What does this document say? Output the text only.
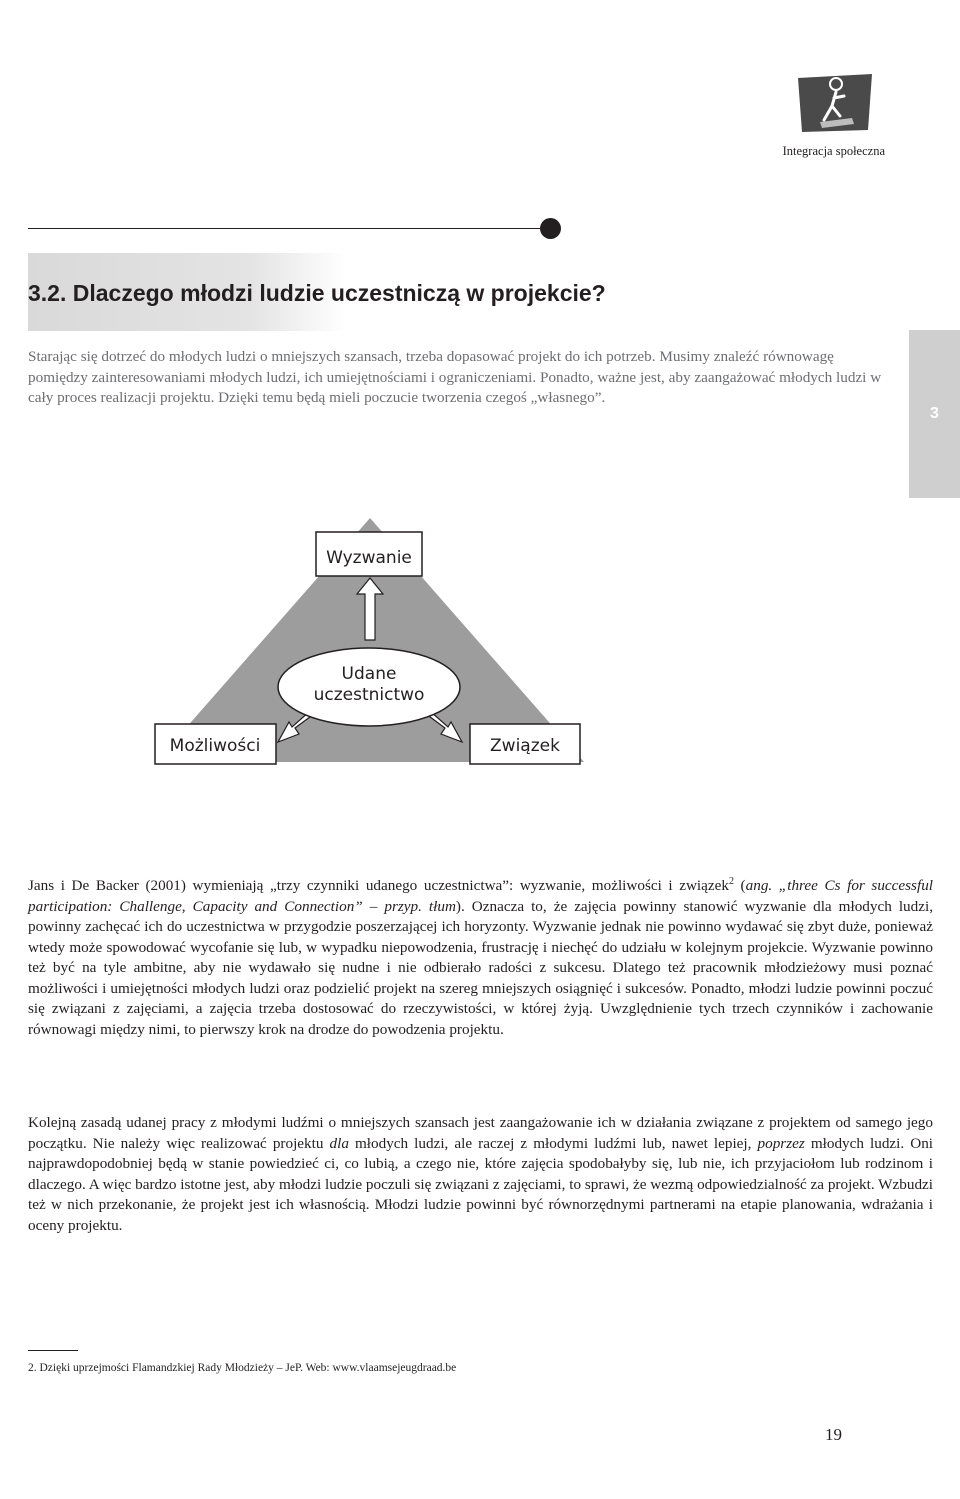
Integracja społeczna
3.2. Dlaczego młodzi ludzie uczestniczą w projekcie?
3

Starając się dotrzeć do młodych ludzi o mniejszych szansach, trzeba dopasować projekt do ich potrzeb. Musimy znaleźć równowagę pomiędzy zainteresowaniami młodych ludzi, ich umiejętnościami i ograniczeniami. Ponadto, ważne jest, aby zaangażować młodych ludzi w cały proces realizacji projektu. Dzięki temu będą mieli poczucie tworzenia czegoś „własnego”.

Wyzwanie
Udane
uczestnictwo
Możliwości	Związek

Jans i De Backer (2001) wymieniają „trzy czynniki udanego uczestnictwa”: wyzwanie, możliwości i związek$^2$ (ang. „three Cs for successful participation: Challenge, Capacity and Connection” – przyp. tłum). Oznacza to, że zajęcia powinny stanowić wyzwanie dla młodych ludzi, powinny zachęcać ich do uczestnictwa w przygodzie poszerzającej ich horyzonty. Wyzwanie jednak nie powinno wydawać się zbyt duże, ponieważ wtedy może spowodować wycofanie się lub, w wypadku niepowodzenia, frustrację i niechęć do udziału w kolejnym projekcie. Wyzwanie powinno też być na tyle ambitne, aby nie wydawało się nudne i nie odbierało radości z sukcesu. Dlatego też pracownik młodzieżowy musi poznać możliwości i umiejętności młodych ludzi oraz podzielić projekt na szereg mniejszych osiągnięć i sukcesów. Ponadto, młodzi ludzie powinni poczuć się związani z zajęciami, a zajęcia trzeba dostosować do rzeczywistości, w której żyją. Uwzględnienie tych trzech czynników i zachowanie równowagi między nimi, to pierwszy krok na drodze do powodzenia projektu.

Kolejną zasadą udanej pracy z młodymi ludźmi o mniejszych szansach jest zaangażowanie ich w działania związane z projektem od samego jego początku. Nie należy więc realizować projektu dla młodych ludzi, ale raczej z młodymi ludźmi lub, nawet lepiej, poprzez młodych ludzi. Oni najprawdopodobniej będą w stanie powiedzieć ci, co lubią, a czego nie, które zajęcia spodobałyby się, lub nie, ich przyjaciołom lub rodzinom i dlaczego. A więc bardzo istotne jest, aby młodzi ludzie poczuli się związani z zajęciami, to sprawi, że wezmą odpowiedzialność za projekt. Wzbudzi też w nich przekonanie, że projekt jest ich własnością. Młodzi ludzie powinni być równorzędnymi partnerami na etapie planowania, wdrażania i oceny projektu.

2. Dzięki uprzejmości Flamandzkiej Rady Młodzieży – JeP. Web: www.vlaamsejeugdraad.be
19
